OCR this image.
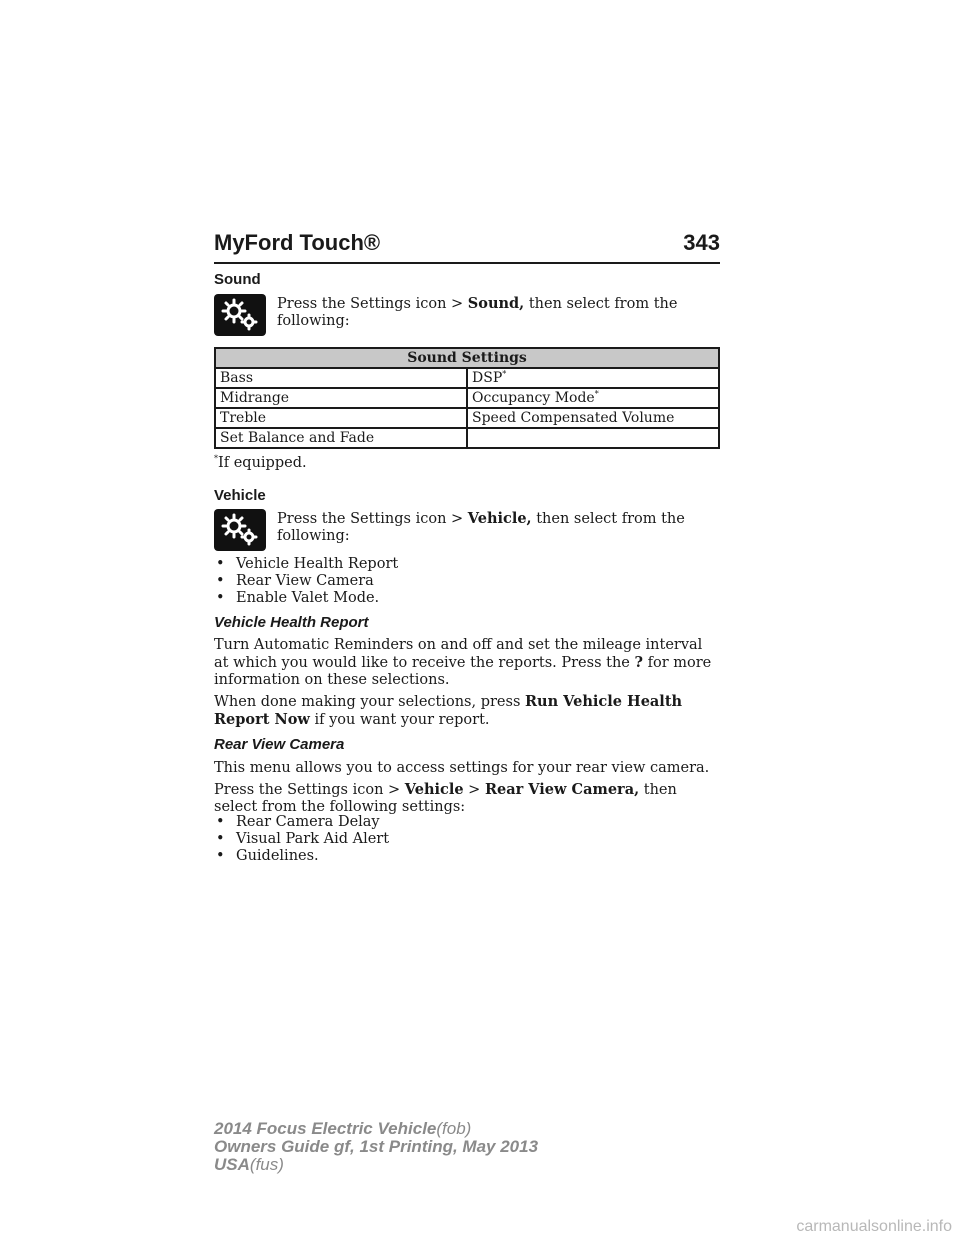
MyFord Touch®	343
Sound
Press the Settings icon > Sound, then select from the following:
Sound Settings	
Bass	DSP*
Midrange	Occupancy Mode*
Treble	Speed Compensated Volume
Set Balance and Fade	
*If equipped.
Vehicle
Press the Settings icon > Vehicle, then select from the following:
• Vehicle Health Report
• Rear View Camera
• Enable Valet Mode.
Vehicle Health Report
Turn Automatic Reminders on and off and set the mileage interval at which you would like to receive the reports. Press the ? for more information on these selections.
When done making your selections, press Run Vehicle Health Report Now if you want your report.
Rear View Camera
This menu allows you to access settings for your rear view camera.
Press the Settings icon > Vehicle > Rear View Camera, then select from the following settings:
• Rear Camera Delay
• Visual Park Aid Alert
• Guidelines.
2014 Focus Electric Vehicle(fob)
Owners Guide gf, 1st Printing, May 2013
USA(fus)
carmanualsonline.info
